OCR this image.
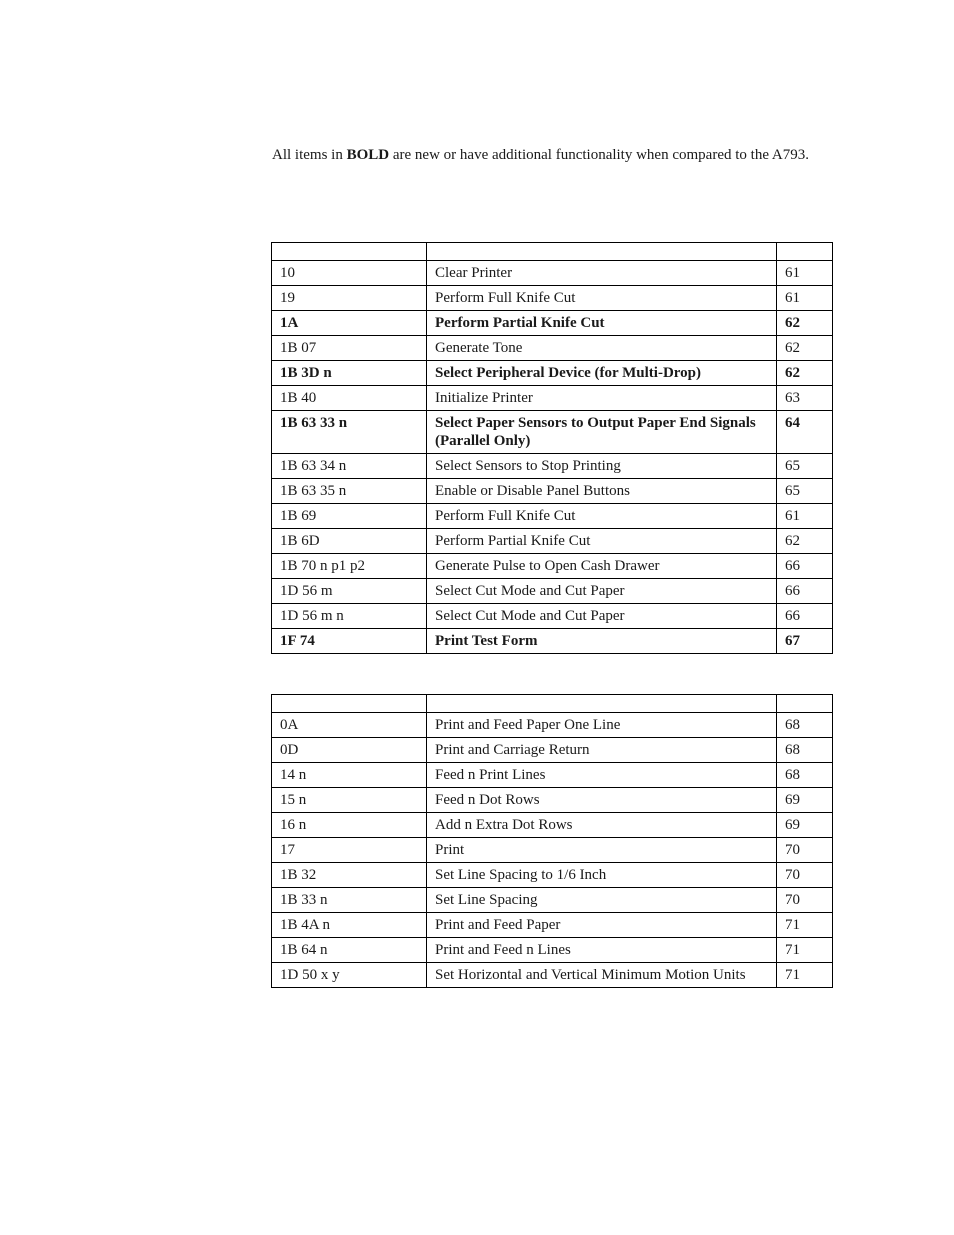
All items in BOLD are new or have additional functionality when compared to the A793.

10	Clear Printer	61
19	Perform Full Knife Cut	61
1A	Perform Partial Knife Cut	62
1B 07	Generate Tone	62
1B 3D n	Select Peripheral Device (for Multi-Drop)	62
1B 40	Initialize Printer	63
1B 63 33 n	Select Paper Sensors to Output Paper End Signals (Parallel Only)	64
1B 63 34 n	Select Sensors to Stop Printing	65
1B 63 35 n	Enable or Disable Panel Buttons	65
1B 69	Perform Full Knife Cut	61
1B 6D	Perform Partial Knife Cut	62
1B 70 n p1 p2	Generate Pulse to Open Cash Drawer	66
1D 56 m	Select Cut Mode and Cut Paper	66
1D 56 m n	Select Cut Mode and Cut Paper	66
1F 74	Print Test Form	67

0A	Print and Feed Paper One Line	68
0D	Print and Carriage Return	68
14 n	Feed n Print Lines	68
15 n	Feed n Dot Rows	69
16 n	Add n Extra Dot Rows	69
17	Print	70
1B 32	Set Line Spacing to 1/6 Inch	70
1B 33 n	Set Line Spacing	70
1B 4A n	Print and Feed Paper	71
1B 64 n	Print and Feed n Lines	71
1D 50 x y	Set Horizontal and Vertical Minimum Motion Units	71
